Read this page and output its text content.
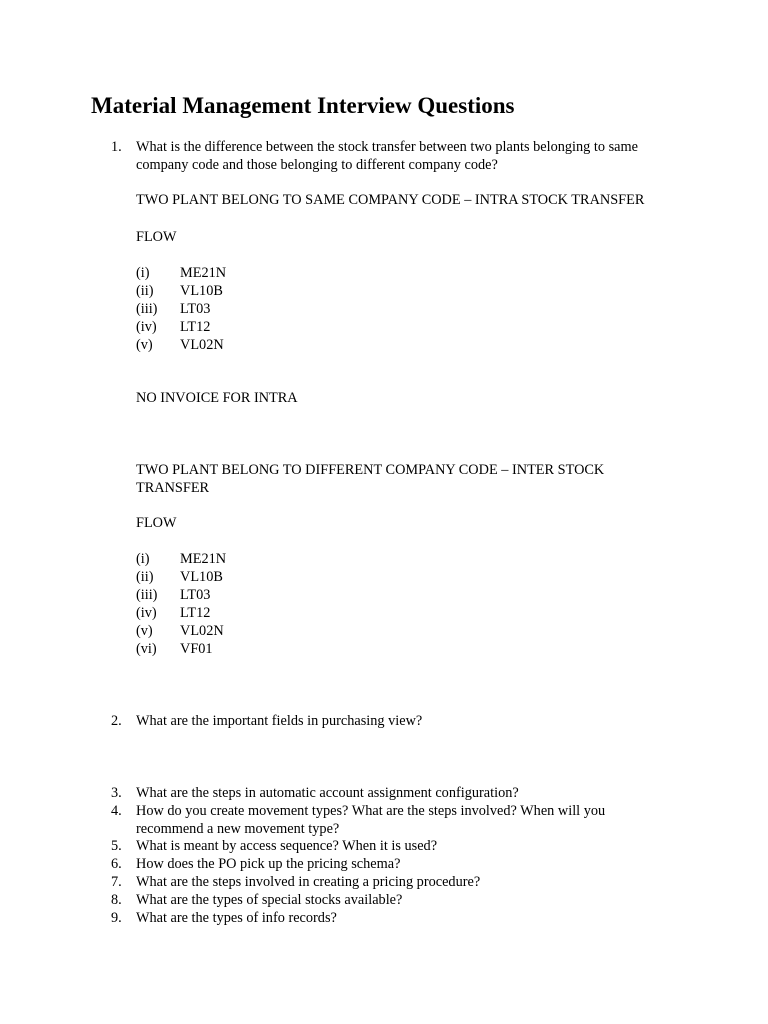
Material Management Interview Questions
1. What is the difference between the stock transfer between two plants belonging to same
company code and those belonging to different company code?
TWO PLANT BELONG TO SAME COMPANY CODE – INTRA STOCK TRANSFER
FLOW
(i) ME21N
(ii) VL10B
(iii) LT03
(iv) LT12
(v) VL02N
NO INVOICE FOR INTRA
TWO PLANT BELONG TO DIFFERENT COMPANY CODE – INTER STOCK
TRANSFER
FLOW
(i) ME21N
(ii) VL10B
(iii) LT03
(iv) LT12
(v) VL02N
(vi) VF01
2. What are the important fields in purchasing view?
3. What are the steps in automatic account assignment configuration?
4. How do you create movement types? What are the steps involved? When will you
recommend a new movement type?
5. What is meant by access sequence? When it is used?
6. How does the PO pick up the pricing schema?
7. What are the steps involved in creating a pricing procedure?
8. What are the types of special stocks available?
9. What are the types of info records?
